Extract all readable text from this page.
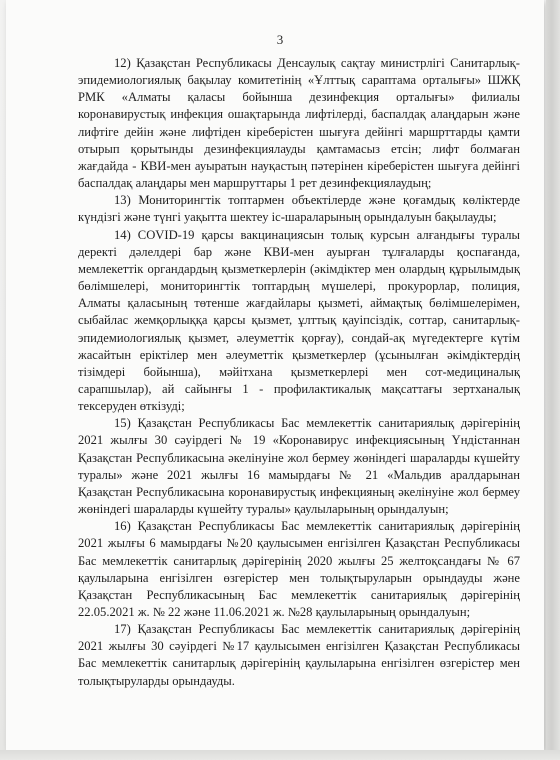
3

12) Қазақстан Республикасы Денсаулық сақтау министрлігі Санитарлық-эпидемиологиялық бақылау комитетінің «Ұлттық сараптама орталығы» ШЖҚ РМК «Алматы қаласы бойынша дезинфекция орталығы» филиалы коронавирустық инфекция ошақтарында лифтілерді, баспалдақ алаңдарын және лифтіге дейін және лифтіден кіреберістен шығуға дейінгі маршрттарды қамти отырып қорытынды дезинфекциялауды қамтамасыз етсін; лифт болмаған жағдайда - КВИ-мен ауыратын науқастың пәтерінен кіреберістен шығуға дейінгі баспалдақ алаңдары мен маршруттары 1 рет дезинфекциялаудың;

13) Мониторингтік топтармен объектілерде және қоғамдық көліктерде күндізгі және түнгі уақытта шектеу іс-шараларының орындалуын бақылауды;

14) COVID-19 қарсы вакцинациясын толық курсын алғандығы туралы деректі дәлелдері бар және КВИ-мен ауырған тұлғаларды қоспағанда, мемлекеттік органдардың қызметкерлерін (әкімдіктер мен олардың құрылымдық бөлімшелері, мониторингтік топтардың мүшелері, прокурорлар, полиция, Алматы қаласының төтенше жағдайлары қызметі, аймақтық бөлімшелерімен, сыбайлас жемқорлыққа қарсы қызмет, ұлттық қауіпсіздік, соттар, санитарлық-эпидемиологиялық қызмет, әлеуметтік қорғау), сондай-ақ мүгедектерге күтім жасайтын еріктілер мен әлеуметтік қызметкерлер (ұсынылған әкімдіктердің тізімдері бойынша), мәйітхана қызметкерлері мен сот-медициналық сарапшылар), ай сайынғы 1 - профилактикалық мақсаттағы зертханалық тексеруден өткізуді;

15) Қазақстан Республикасы Бас мемлекеттік санитариялық дәрігерінің 2021 жылғы 30 сәуірдегі № 19 «Коронавирус инфекциясының Үндістаннан Қазақстан Республикасына әкелінуіне жол бермеу жөніндегі шараларды күшейту туралы» және 2021 жылғы 16 мамырдағы № 21 «Мальдив аралдарынан Қазақстан Республикасына коронавирустық инфекцияның әкелінуіне жол бермеу жөніндегі шараларды күшейту туралы» қаулыларының орындалуын;

16) Қазақстан Республикасы Бас мемлекеттік санитариялық дәрігерінің 2021 жылғы 6 мамырдағы №20 қаулысымен енгізілген Қазақстан Республикасы Бас мемлекеттік санитарлық дәрігерінің 2020 жылғы 25 желтоқсандағы № 67 қаулыларына енгізілген өзгерістер мен толықтыруларын орындауды және Қазақстан Республикасының Бас мемлекеттік санитариялық дәрігерінің 22.05.2021 ж. № 22 және 11.06.2021 ж. №28 қаулыларының орындалуын;

17) Қазақстан Республикасы Бас мемлекеттік санитариялық дәрігерінің 2021 жылғы 30 сәуірдегі №17 қаулысымен енгізілген Қазақстан Республикасы Бас мемлекеттік санитарлық дәрігерінің қаулыларына енгізілген өзгерістер мен толықтыруларды орындауды.
